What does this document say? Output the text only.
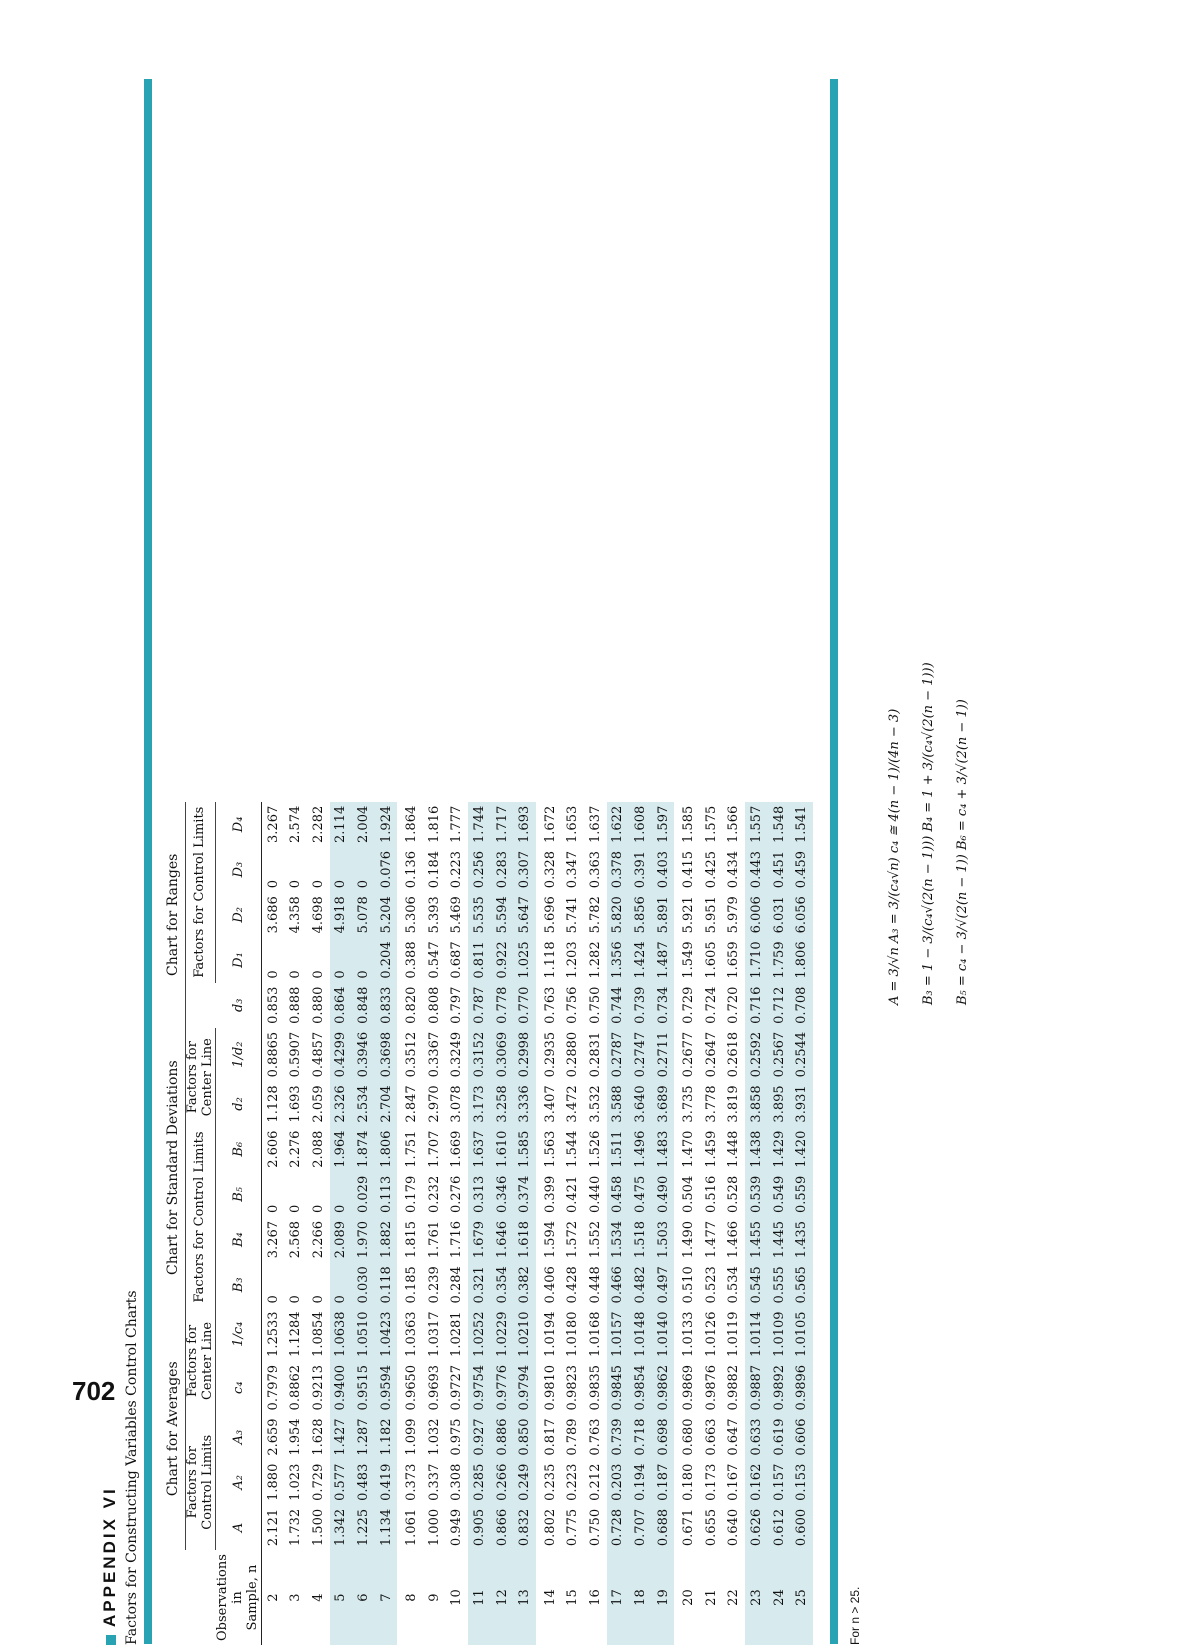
702
APPENDIX VI Factors for Constructing Variables Control Charts
	Chart for Averages					Chart for Standard Deviations						Chart for Ranges				
	Factors for
Control Limits			Factors for
Center Line		Factors for Control Limits				Factors for
Center Line			Factors for Control Limits			
Observations
in
Sample, n	A	A₂	A₃	c₄	1/c₄	B₃	B₄	B₅	B₆	d₂	1/d₂	d₃	D₁	D₂	D₃	D₄
2	2.121	1.880	2.659	0.7979	1.2533	0	3.267	0	2.606	1.128	0.8865	0.853	0	3.686	0	3.267
3	1.732	1.023	1.954	0.8862	1.1284	0	2.568	0	2.276	1.693	0.5907	0.888	0	4.358	0	2.574
4	1.500	0.729	1.628	0.9213	1.0854	0	2.266	0	2.088	2.059	0.4857	0.880	0	4.698	0	2.282
5	1.342	0.577	1.427	0.9400	1.0638	0	2.089	0	1.964	2.326	0.4299	0.864	0	4.918	0	2.114
6	1.225	0.483	1.287	0.9515	1.0510	0.030	1.970	0.029	1.874	2.534	0.3946	0.848	0	5.078	0	2.004
7	1.134	0.419	1.182	0.9594	1.0423	0.118	1.882	0.113	1.806	2.704	0.3698	0.833	0.204	5.204	0.076	1.924
8	1.061	0.373	1.099	0.9650	1.0363	0.185	1.815	0.179	1.751	2.847	0.3512	0.820	0.388	5.306	0.136	1.864
9	1.000	0.337	1.032	0.9693	1.0317	0.239	1.761	0.232	1.707	2.970	0.3367	0.808	0.547	5.393	0.184	1.816
10	0.949	0.308	0.975	0.9727	1.0281	0.284	1.716	0.276	1.669	3.078	0.3249	0.797	0.687	5.469	0.223	1.777
11	0.905	0.285	0.927	0.9754	1.0252	0.321	1.679	0.313	1.637	3.173	0.3152	0.787	0.811	5.535	0.256	1.744
12	0.866	0.266	0.886	0.9776	1.0229	0.354	1.646	0.346	1.610	3.258	0.3069	0.778	0.922	5.594	0.283	1.717
13	0.832	0.249	0.850	0.9794	1.0210	0.382	1.618	0.374	1.585	3.336	0.2998	0.770	1.025	5.647	0.307	1.693
14	0.802	0.235	0.817	0.9810	1.0194	0.406	1.594	0.399	1.563	3.407	0.2935	0.763	1.118	5.696	0.328	1.672
15	0.775	0.223	0.789	0.9823	1.0180	0.428	1.572	0.421	1.544	3.472	0.2880	0.756	1.203	5.741	0.347	1.653
16	0.750	0.212	0.763	0.9835	1.0168	0.448	1.552	0.440	1.526	3.532	0.2831	0.750	1.282	5.782	0.363	1.637
17	0.728	0.203	0.739	0.9845	1.0157	0.466	1.534	0.458	1.511	3.588	0.2787	0.744	1.356	5.820	0.378	1.622
18	0.707	0.194	0.718	0.9854	1.0148	0.482	1.518	0.475	1.496	3.640	0.2747	0.739	1.424	5.856	0.391	1.608
19	0.688	0.187	0.698	0.9862	1.0140	0.497	1.503	0.490	1.483	3.689	0.2711	0.734	1.487	5.891	0.403	1.597
20	0.671	0.180	0.680	0.9869	1.0133	0.510	1.490	0.504	1.470	3.735	0.2677	0.729	1.549	5.921	0.415	1.585
21	0.655	0.173	0.663	0.9876	1.0126	0.523	1.477	0.516	1.459	3.778	0.2647	0.724	1.605	5.951	0.425	1.575
22	0.640	0.167	0.647	0.9882	1.0119	0.534	1.466	0.528	1.448	3.819	0.2618	0.720	1.659	5.979	0.434	1.566
23	0.626	0.162	0.633	0.9887	1.0114	0.545	1.455	0.539	1.438	3.858	0.2592	0.716	1.710	6.006	0.443	1.557
24	0.612	0.157	0.619	0.9892	1.0109	0.555	1.445	0.549	1.429	3.895	0.2567	0.712	1.759	6.031	0.451	1.548
25	0.600	0.153	0.606	0.9896	1.0105	0.565	1.435	0.559	1.420	3.931	0.2544	0.708	1.806	6.056	0.459	1.541
For n > 25.
A = 3/√n A₃ = 3/(c₄√n) c₄ ≅ 4(n − 1)/(4n − 3)	B₃ = 1 − 3/(c₄√(2(n − 1))) B₄ = 1 + 3/(c₄√(2(n − 1)))	B₅ = c₄ − 3/√(2(n − 1)) B₆ = c₄ + 3/√(2(n − 1))
